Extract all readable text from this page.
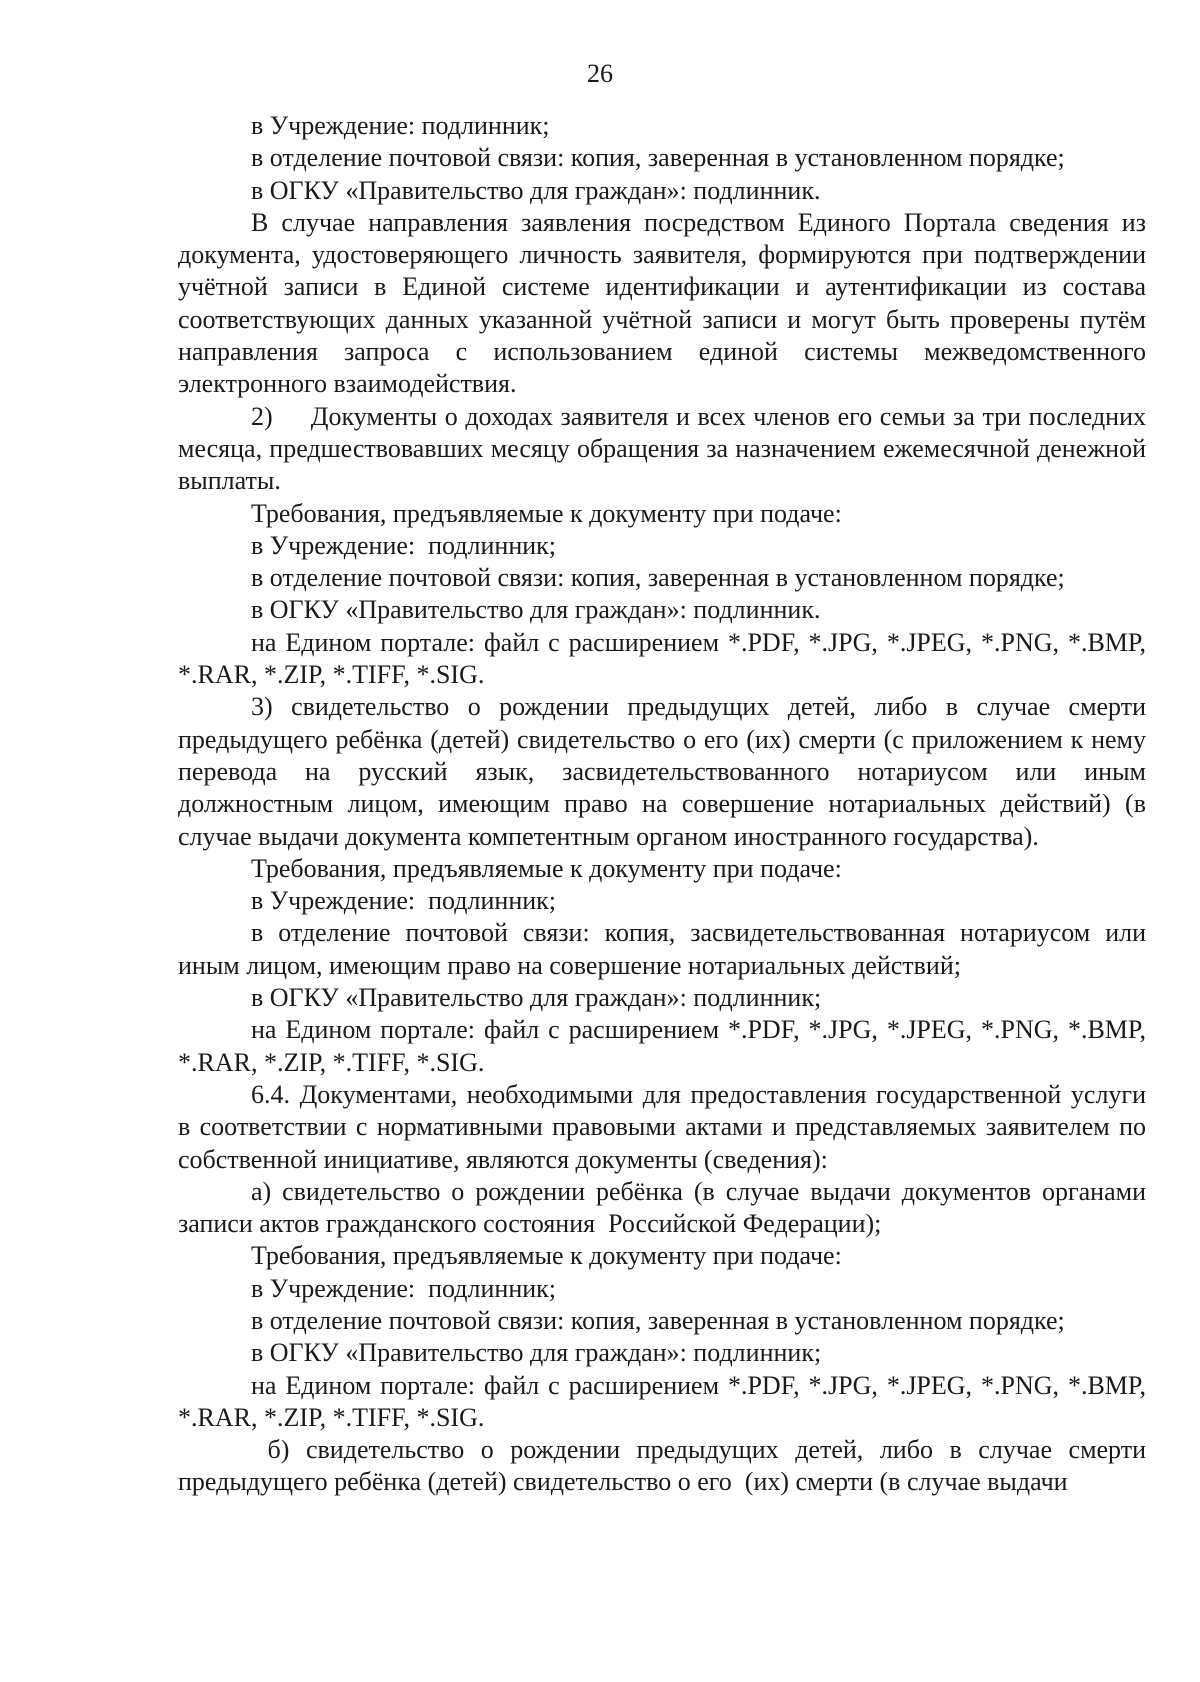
26

в Учреждение: подлинник;

в отделение почтовой связи: копия, заверенная в установленном порядке;

в ОГКУ «Правительство для граждан»: подлинник.

В случае направления заявления посредством Единого Портала сведения из документа, удостоверяющего личность заявителя, формируются при подтверждении учётной записи в Единой системе идентификации и аутентификации из состава соответствующих данных указанной учётной записи и могут быть проверены путём направления запроса с использованием единой системы межведомственного электронного взаимодействия.

2)     Документы о доходах заявителя и всех членов его семьи за три последних месяца, предшествовавших месяцу обращения за назначением ежемесячной денежной выплаты.

Требования, предъявляемые к документу при подаче:

в Учреждение:  подлинник;

в отделение почтовой связи: копия, заверенная в установленном порядке;

в ОГКУ «Правительство для граждан»: подлинник.

на Едином портале: файл с расширением *.PDF, *.JPG, *.JPEG, *.PNG, *.BMP, *.RAR, *.ZIP, *.TIFF, *.SIG.

3) свидетельство о рождении предыдущих детей, либо в случае смерти предыдущего ребёнка (детей) свидетельство о его (их) смерти (с приложением к нему перевода на русский язык, засвидетельствованного нотариусом или иным должностным лицом, имеющим право на совершение нотариальных действий) (в случае выдачи документа компетентным органом иностранного государства).

Требования, предъявляемые к документу при подаче:

в Учреждение:  подлинник;

в отделение почтовой связи: копия, засвидетельствованная нотариусом или иным лицом, имеющим право на совершение нотариальных действий;

в ОГКУ «Правительство для граждан»: подлинник;

на Едином портале: файл с расширением *.PDF, *.JPG, *.JPEG, *.PNG, *.BMP, *.RAR, *.ZIP, *.TIFF, *.SIG.

6.4. Документами, необходимыми для предоставления государственной услуги в соответствии с нормативными правовыми актами и представляемых заявителем по собственной инициативе, являются документы (сведения):

а) свидетельство о рождении ребёнка (в случае выдачи документов органами записи актов гражданского состояния  Российской Федерации);

Требования, предъявляемые к документу при подаче:

в Учреждение:  подлинник;

в отделение почтовой связи: копия, заверенная в установленном порядке;

в ОГКУ «Правительство для граждан»: подлинник;

на Едином портале: файл с расширением *.PDF, *.JPG, *.JPEG, *.PNG, *.BMP, *.RAR, *.ZIP, *.TIFF, *.SIG.

б) свидетельство о рождении предыдущих детей, либо в случае смерти предыдущего ребёнка (детей) свидетельство о его  (их) смерти (в случае выдачи
